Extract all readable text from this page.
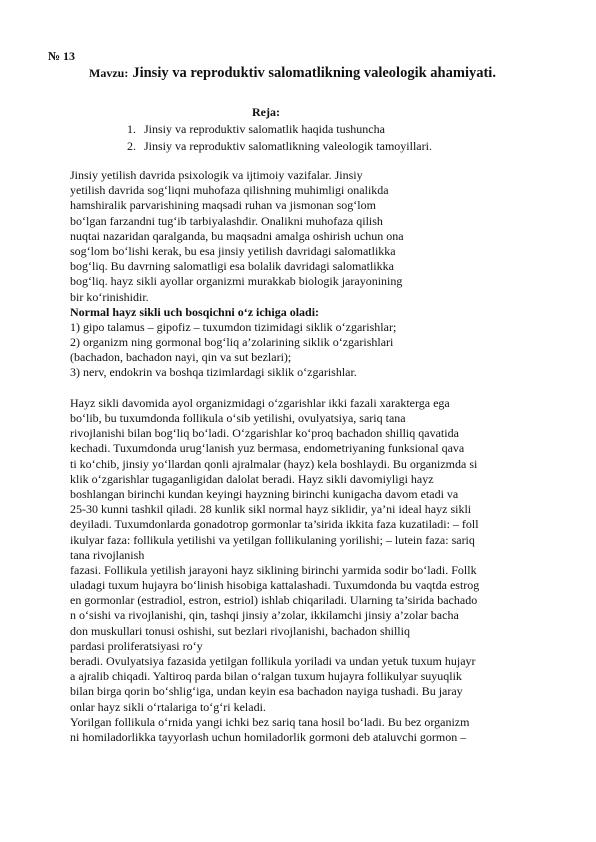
№ 13
Mavzu: Jinsiy va reproduktiv salomatlikning valeologik ahamiyati.
Reja:
1. Jinsiy va reproduktiv salomatlik haqida tushuncha
2. Jinsiy va reproduktiv salomatlikning valeologik tamoyillari.
Jinsiy yetilish davrida psixologik va ijtimoiy vazifalar. Jinsiy
yetilish davrida sog‘liqni muhofaza qilishning muhimligi onalikda
hamshiralik parvarishining maqsadi ruhan va jismonan sog‘lom
bo‘lgan farzandni tug‘ib tarbiyalashdir. Onalikni muhofaza qilish
nuqtai nazaridan qaralganda, bu maqsadni amalga oshirish uchun ona
sog‘lom bo‘lishi kerak, bu esa jinsiy yetilish davridagi salomatlikka
bog‘liq. Bu davrning salomatligi esa bolalik davridagi salomatlikka
bog‘liq. hayz sikli ayollar organizmi murakkab biologik jarayonining
bir ko‘rinishidir.
Normal hayz sikli uch bosqichni o‘z ichiga oladi:
1) gipo talamus – gipofiz – tuxumdon tizimidagi siklik o‘zgarishlar;
2) organizm ning gormonal bog‘liq a’zolarining siklik o‘zgarishlari
(bachadon, bachadon nayi, qin va sut bezlari);
3) nerv, endokrin va boshqa tizimlardagi siklik o‘zgarishlar.
Hayz sikli davomida ayol organizmidagi o‘zgarishlar ikki fazali xarakterga ega
bo‘lib, bu tuxumdonda follikula o‘sib yetilishi, ovulyatsiya, sariq tana
rivojlanishi bilan bog‘liq bo‘ladi. O‘zgarishlar ko‘proq bachadon shilliq qavatida
kechadi. Tuxumdonda urug‘lanish yuz bermasa, endometriyaning funksional qava
ti ko‘chib, jinsiy yo‘llardan qonli ajralmalar (hayz) kela boshlaydi. Bu organizmda si
klik o‘zgarishlar tugaganligidan dalolat beradi. Hayz sikli davomiyligi hayz
boshlangan birinchi kundan keyingi hayzning birinchi kunigacha davom etadi va
25-30 kunni tashkil qiladi. 28 kunlik sikl normal hayz siklidir, ya’ni ideal hayz sikli
deyiladi. Tuxumdonlarda gonadotrop gormonlar ta’sirida ikkita faza kuzatiladi: – foll
ikulyar faza: follikula yetilishi va yetilgan follikulaning yorilishi; – lutein faza: sariq
tana rivojlanish
fazasi. Follikula yetilish jarayoni hayz siklining birinchi yarmida sodir bo‘ladi. Follk
uladagi tuxum hujayra bo‘linish hisobiga kattalashadi. Tuxumdonda bu vaqtda estrog
en gormonlar (estradiol, estron, estriol) ishlab chiqariladi. Ularning ta’sirida bachado
n o‘sishi va rivojlanishi, qin, tashqi jinsiy a’zolar, ikkilamchi jinsiy a’zolar bacha
don muskullari tonusi oshishi, sut bezlari rivojlanishi, bachadon shilliq
pardasi proliferatsiyasi ro‘y
beradi. Ovulyatsiya fazasida yetilgan follikula yoriladi va undan yetuk tuxum hujayr
a ajralib chiqadi. Yaltiroq parda bilan o‘ralgan tuxum hujayra follikulyar suyuqlik
bilan birga qorin bo‘shlig‘iga, undan keyin esa bachadon nayiga tushadi. Bu jaray
onlar hayz sikli o‘rtalariga to‘g‘ri keladi.
Yorilgan follikula o‘rnida yangi ichki bez sariq tana hosil bo‘ladi. Bu bez organizm
ni homiladorlikka tayyorlash uchun homiladorlik gormoni deb ataluvchi gormon –
